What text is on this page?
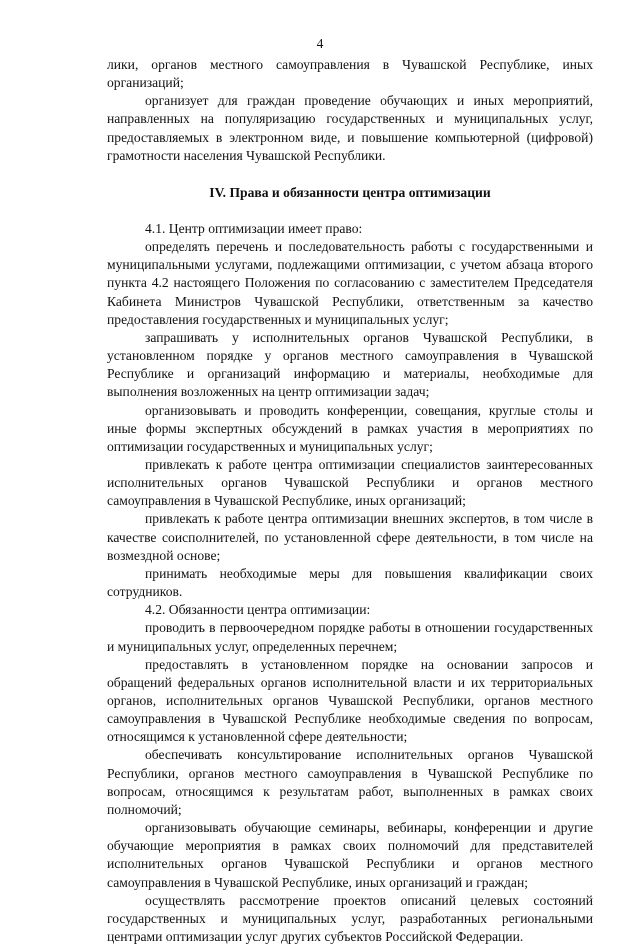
4

лики, органов местного самоуправления в Чувашской Республике, иных организаций;

организует для граждан проведение обучающих и иных мероприятий, направленных на популяризацию государственных и муниципальных услуг, предоставляемых в электронном виде, и повышение компьютерной (цифровой) грамотности населения Чувашской Республики.

IV. Права и обязанности центра оптимизации

4.1. Центр оптимизации имеет право:

определять перечень и последовательность работы с государственными и муниципальными услугами, подлежащими оптимизации, с учетом абзаца второго пункта 4.2 настоящего Положения по согласованию с заместителем Председателя Кабинета Министров Чувашской Республики, ответственным за качество предоставления государственных и муниципальных услуг;

запрашивать у исполнительных органов Чувашской Республики, в установленном порядке у органов местного самоуправления в Чувашской Республике и организаций информацию и материалы, необходимые для выполнения возложенных на центр оптимизации задач;

организовывать и проводить конференции, совещания, круглые столы и иные формы экспертных обсуждений в рамках участия в мероприятиях по оптимизации государственных и муниципальных услуг;

привлекать к работе центра оптимизации специалистов заинтересованных исполнительных органов Чувашской Республики и органов местного самоуправления в Чувашской Республике, иных организаций;

привлекать к работе центра оптимизации внешних экспертов, в том числе в качестве соисполнителей, по установленной сфере деятельности, в том числе на возмездной основе;

принимать необходимые меры для повышения квалификации своих сотрудников.

4.2. Обязанности центра оптимизации:

проводить в первоочередном порядке работы в отношении государственных и муниципальных услуг, определенных перечнем;

предоставлять в установленном порядке на основании запросов и обращений федеральных органов исполнительной власти и их территориальных органов, исполнительных органов Чувашской Республики, органов местного самоуправления в Чувашской Республике необходимые сведения по вопросам, относящимся к установленной сфере деятельности;

обеспечивать консультирование исполнительных органов Чувашской Республики, органов местного самоуправления в Чувашской Республике по вопросам, относящимся к результатам работ, выполненных в рамках своих полномочий;

организовывать обучающие семинары, вебинары, конференции и другие обучающие мероприятия в рамках своих полномочий для представителей исполнительных органов Чувашской Республики и органов местного самоуправления в Чувашской Республике, иных организаций и граждан;

осуществлять рассмотрение проектов описаний целевых состояний государственных и муниципальных услуг, разработанных региональными центрами оптимизации услуг других субъектов Российской Федерации.
